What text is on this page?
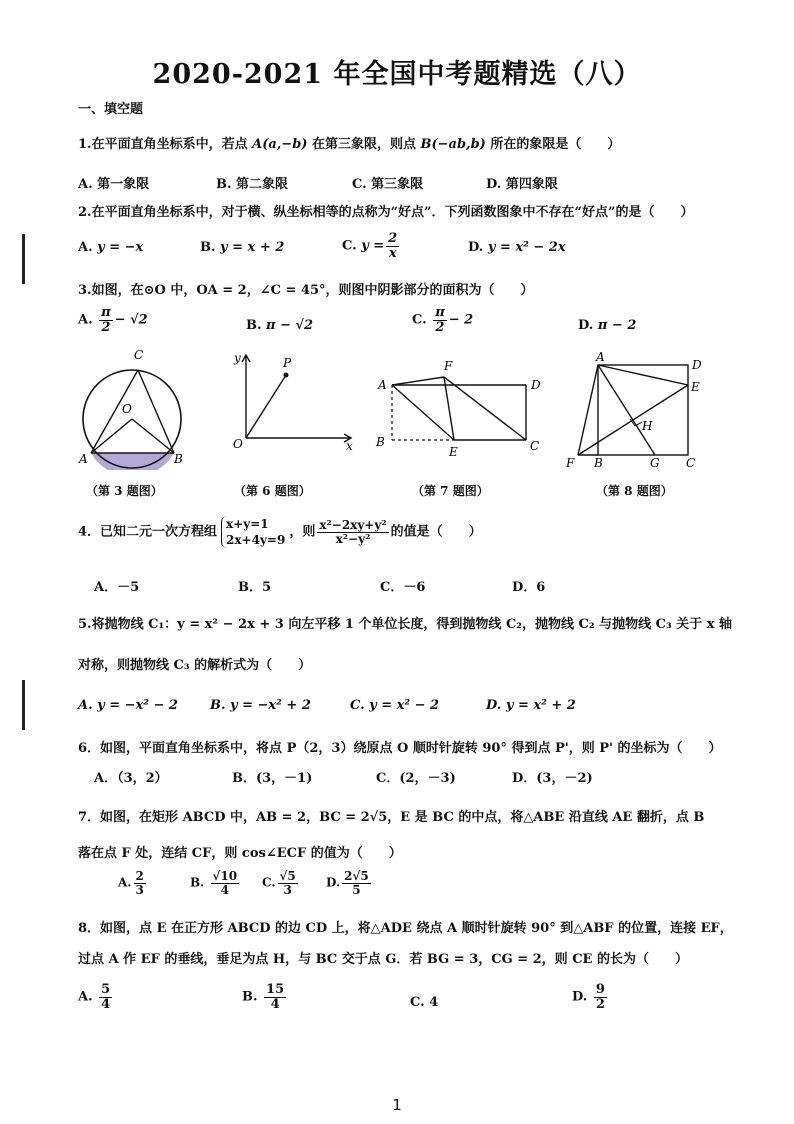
2020-2021 年全国中考题精选（八）
一、填空题
1.在平面直角坐标系中，若点 A(a,−b) 在第三象限，则点 B(−ab,b) 所在的象限是（　　）
A. 第一象限	B. 第二象限	C. 第三象限	D. 第四象限
2.在平面直角坐标系中，对于横、纵坐标相等的点称为“好点”．下列函数图象中不存在“好点”的是（　　）
A. y = −x	B. y = x + 2	C. $y = \frac{2}{x}$	D. y = x² − 2x
3.如图，在⊙O 中，OA = 2，∠C = 45°，则图中阴影部分的面积为（　　）
A. $\frac{\pi}{2} - √2$	B. π − √2	C. $\frac{\pi}{2} - 2$	D. π − 2
C
O
A	B
y	P
O	x
A
F
D
B
E	C
A
D
E
H
F B	G C
（第 3 题图）	（第 6 题图）	（第 7 题图）	（第 8 题图）
4．已知二元一次方程组
x+y=1
2x+4y=9
，则 $\frac{\text{x²−2xy+y²}}{\text{x²−y²}}$ 的值是（　　）
A．－5	B．5	C．－6	D．6
5.将抛物线 C₁：y = x² − 2x + 3 向左平移 1 个单位长度，得到抛物线 C₂，抛物线 C₂ 与抛物线 C₃ 关于 x 轴
对称，则抛物线 C₃ 的解析式为（　　）
A. y = −x² − 2 B. y = −x² + 2	C. y = x² − 2	D. y = x² + 2
6．如图，平面直角坐标系中，将点 P（2，3）绕原点 O 顺时针旋转 90° 得到点 P'，则 P' 的坐标为（　　）
A．（3，2）	B．(3，－1)	C．(2，－3)	D．(3，－2)
7．如图，在矩形 ABCD 中，AB = 2，BC = 2√5，E 是 BC 的中点，将△ABE 沿直线 AE 翻折，点 B
落在点 F 处，连结 CF，则 cos∠ECF 的值为（　　）
A. $\frac{2}{3}$	B. $\frac{√10}{4} C$. $\frac{√5}{3} D$. $\frac{2√5}{5}$
8．如图，点 E 在正方形 ABCD 的边 CD 上，将△ADE 绕点 A 顺时针旋转 90° 到△ABF 的位置，连接 EF，
过点 A 作 EF 的垂线，垂足为点 H，与 BC 交于点 G．若 BG = 3，CG = 2，则 CE 的长为（　　）
A. $\frac{5}{4}$	B. $\frac{15}{4}$	C. 4	D. $\frac{9}{2}$
1
